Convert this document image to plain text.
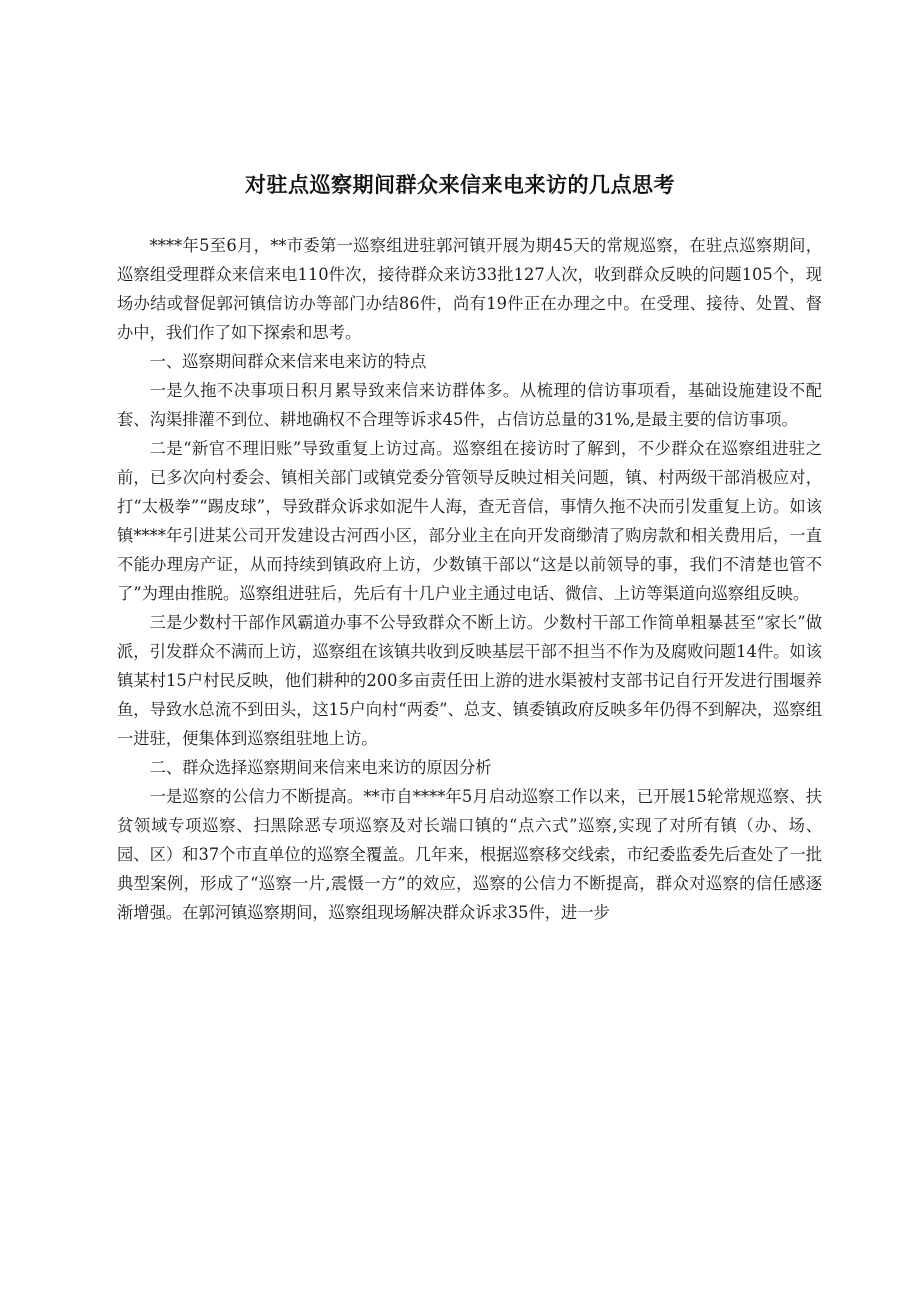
对驻点巡察期间群众来信来电来访的几点思考

****年5至6月，**市委第一巡察组进驻郭河镇开展为期45天的常规巡察，在驻点巡察期间，巡察组受理群众来信来电110件次，接待群众来访33批127人次，收到群众反映的问题105个，现场办结或督促郭河镇信访办等部门办结86件，尚有19件正在办理之中。在受理、接待、处置、督办中，我们作了如下探索和思考。

一、巡察期间群众来信来电来访的特点

一是久拖不决事项日积月累导致来信来访群体多。从梳理的信访事项看，基础设施建设不配套、沟渠排灌不到位、耕地确权不合理等诉求45件，占信访总量的31%,是最主要的信访事项。

二是“新官不理旧账”导致重复上访过高。巡察组在接访时了解到，不少群众在巡察组进驻之前，已多次向村委会、镇相关部门或镇党委分管领导反映过相关问题，镇、村两级干部消极应对，打“太极拳”“踢皮球”，导致群众诉求如泥牛人海，查无音信，事情久拖不决而引发重复上访。如该镇****年引进某公司开发建设古河西小区，部分业主在向开发商缈清了购房款和相关费用后，一直不能办理房产证，从而持续到镇政府上访，少数镇干部以“这是以前领导的事，我们不清楚也管不了”为理由推脱。巡察组进驻后，先后有十几户业主通过电话、微信、上访等渠道向巡察组反映。

三是少数村干部作风霸道办事不公导致群众不断上访。少数村干部工作简单粗暴甚至“家长”做派，引发群众不满而上访，巡察组在该镇共收到反映基层干部不担当不作为及腐败问题14件。如该镇某村15户村民反映，他们耕种的200多亩责任田上游的进水渠被村支部书记自行开发进行围堰养鱼，导致水总流不到田头，这15户向村“两委”、总支、镇委镇政府反映多年仍得不到解决，巡察组一进驻，便集体到巡察组驻地上访。

二、群众选择巡察期间来信来电来访的原因分析

一是巡察的公信力不断提高。**市自****年5月启动巡察工作以来，已开展15轮常规巡察、扶贫领域专项巡察、扫黑除恶专项巡察及对长端口镇的“点六式”巡察,实现了对所有镇（办、场、园、区）和37个市直单位的巡察全覆盖。几年来，根据巡察移交线索，市纪委监委先后查处了一批典型案例，形成了“巡察一片,震慑一方”的效应，巡察的公信力不断提高，群众对巡察的信任感逐渐增强。在郭河镇巡察期间，巡察组现场解决群众诉求35件，进一步
